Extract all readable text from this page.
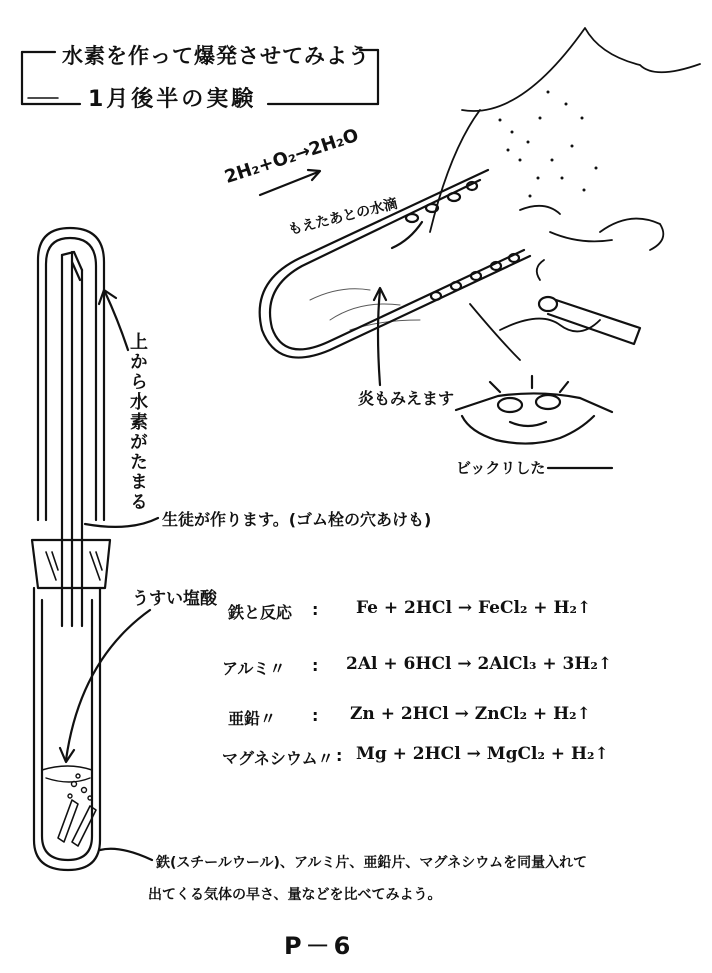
水素を作って爆発させてみよう
1月後半の実験
上から水素がたまる
生徒が作ります。(ゴム栓の穴あけも)
うすい塩酸
2H₂+O₂→2H₂O
もえたあとの水滴
炎もみえます
ビックリした
鉄と反応 : Fe + 2HCl → FeCl₂ + H₂↑
アルミ〃 : 2Al + 6HCl → 2AlCl₃ + 3H₂↑
亜鉛〃 : Zn + 2HCl → ZnCl₂ + H₂↑
マグネシウム〃 : Mg + 2HCl → MgCl₂ + H₂↑
鉄(スチールウール)、アルミ片、亜鉛片、マグネシウムを同量入れて
出てくる気体の早さ、量などを比べてみよう。
P－6
